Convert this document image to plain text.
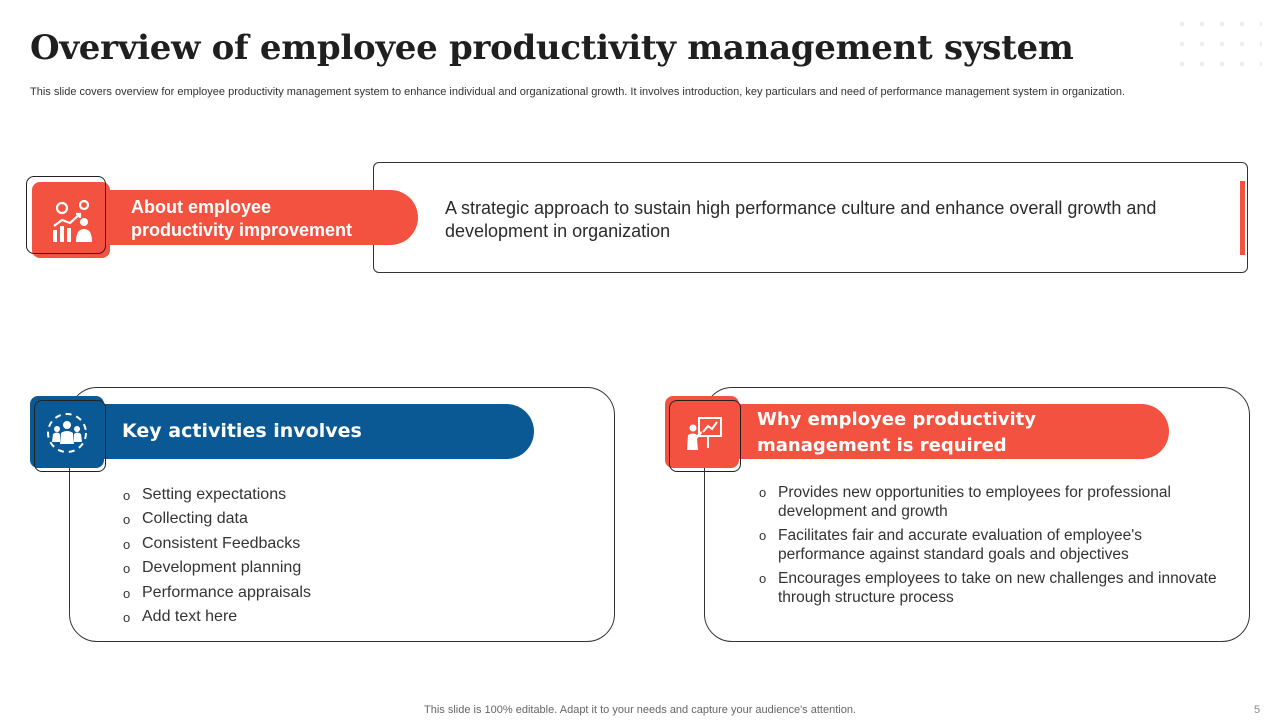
Overview of employee productivity management system
This slide covers overview for employee productivity management system to enhance individual and organizational growth. It involves introduction, key particulars and need of performance management system in organization.
A strategic approach to sustain high performance culture and enhance overall growth and development in organization
About employee
productivity improvement
Key activities involves
o Setting expectations
o Collecting data
o Consistent Feedbacks
o Development planning
o Performance appraisals
o Add text here
Why employee productivity
management is required
o Provides new opportunities to employees for professional development and growth
o Facilitates fair and accurate evaluation of employee's performance against standard goals and objectives
o Encourages employees to take on new challenges and innovate through structure process
This slide is 100% editable. Adapt it to your needs and capture your audience's attention.	5
